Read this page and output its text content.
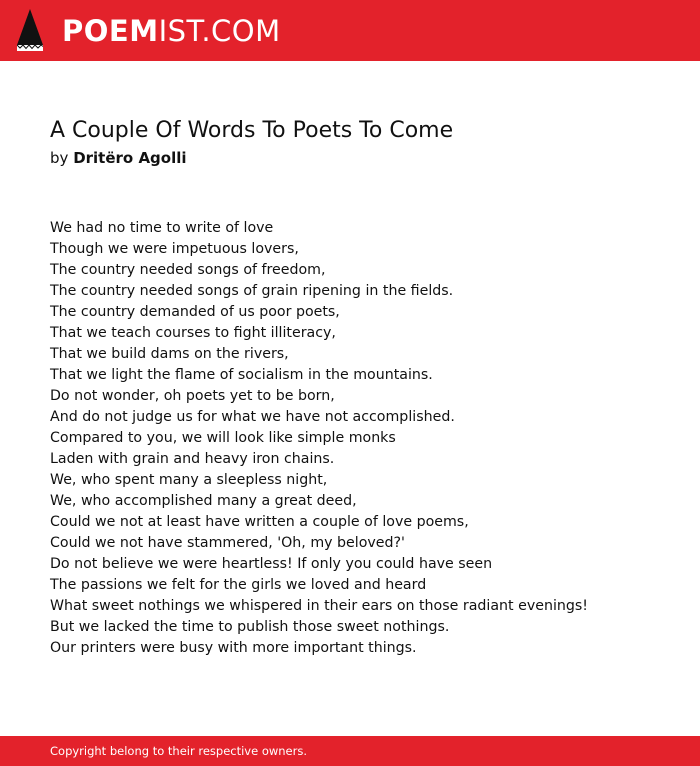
POEMIST.COM
A Couple Of Words To Poets To Come
by Dritëro Agolli
We had no time to write of love
Though we were impetuous lovers,
The country needed songs of freedom,
The country needed songs of grain ripening in the fields.
The country demanded of us poor poets,
That we teach courses to fight illiteracy,
That we build dams on the rivers,
That we light the flame of socialism in the mountains.
Do not wonder, oh poets yet to be born,
And do not judge us for what we have not accomplished.
Compared to you, we will look like simple monks
Laden with grain and heavy iron chains.
We, who spent many a sleepless night,
We, who accomplished many a great deed,
Could we not at least have written a couple of love poems,
Could we not have stammered, 'Oh, my beloved?'
Do not believe we were heartless! If only you could have seen
The passions we felt for the girls we loved and heard
What sweet nothings we whispered in their ears on those radiant evenings!
But we lacked the time to publish those sweet nothings.
Our printers were busy with more important things.
Copyright belong to their respective owners.
